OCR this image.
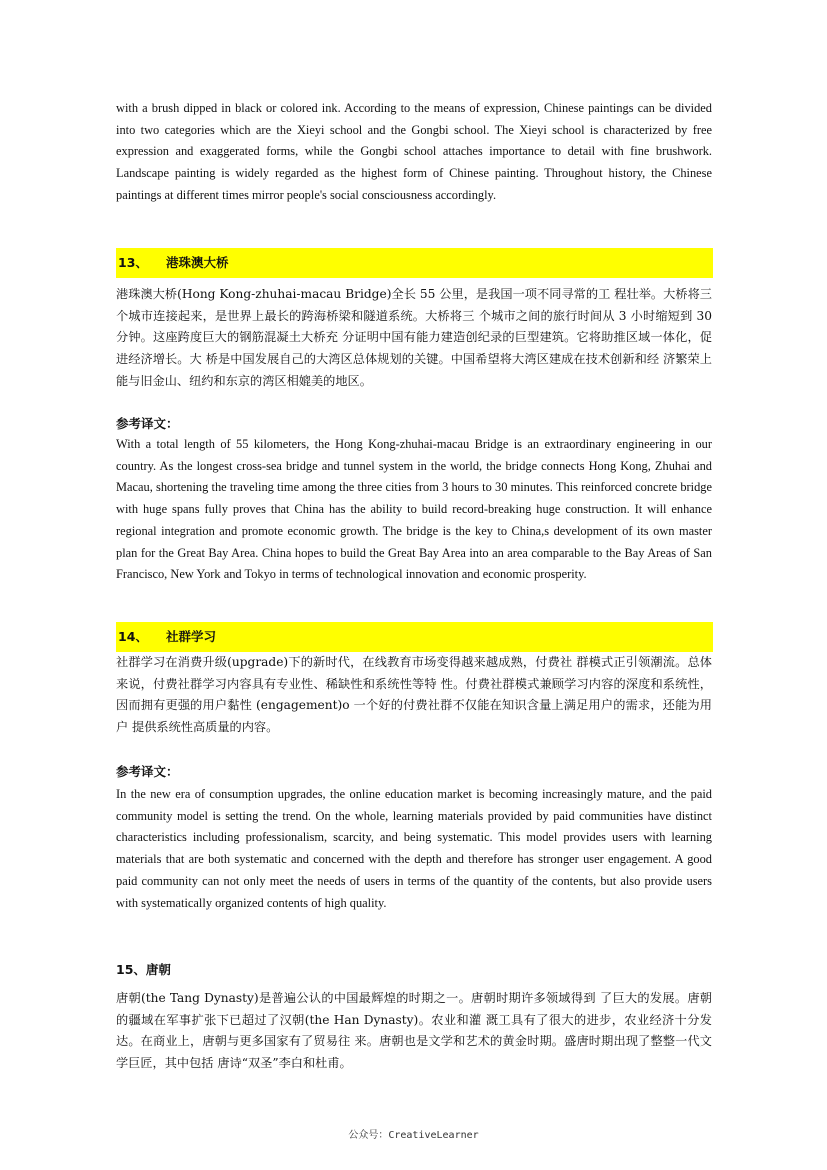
with a brush dipped in black or colored ink. According to the means of expression, Chinese paintings can be divided into two categories which are the Xieyi school and the Gongbi school. The Xieyi school is characterized by free expression and exaggerated forms, while the Gongbi school attaches importance to detail with fine brushwork. Landscape painting is widely regarded as the highest form of Chinese painting. Throughout history, the Chinese paintings at different times mirror people's social consciousness accordingly.

13、 港珠澳大桥

港珠澳大桥(Hong Kong-zhuhai-macau Bridge)全长 55 公里，是我国一项不同寻常的工 程壮举。大桥将三个城市连接起来，是世界上最长的跨海桥梁和隧道系统。大桥将三 个城市之间的旅行时间从 3 小时缩短到 30 分钟。这座跨度巨大的钢筋混凝土大桥充 分证明中国有能力建造创纪录的巨型建筑。它将助推区域一体化，促进经济增长。大 桥是中国发展自己的大湾区总体规划的关键。中国希望将大湾区建成在技术创新和经 济繁荣上能与旧金山、纽约和东京的湾区相媲美的地区。

参考译文：

With a total length of 55 kilometers, the Hong Kong-zhuhai-macau Bridge is an extraordinary engineering in our country. As the longest cross-sea bridge and tunnel system in the world, the bridge connects Hong Kong, Zhuhai and Macau, shortening the traveling time among the three cities from 3 hours to 30 minutes. This reinforced concrete bridge with huge spans fully proves that China has the ability to build record-breaking huge construction. It will enhance regional integration and promote economic growth. The bridge is the key to China,s development of its own master plan for the Great Bay Area. China hopes to build the Great Bay Area into an area comparable to the Bay Areas of San Francisco, New York and Tokyo in terms of technological innovation and economic prosperity.

14、 社群学习

社群学习在消费升级(upgrade)下的新时代，在线教育市场变得越来越成熟，付费社 群模式正引领潮流。总体来说，付费社群学习内容具有专业性、稀缺性和系统性等特 性。付费社群模式兼顾学习内容的深度和系统性，因而拥有更强的用户黏性 (engagement)o 一个好的付费社群不仅能在知识含量上满足用户的需求，还能为用户 提供系统性高质量的内容。

参考译文：

In the new era of consumption upgrades, the online education market is becoming increasingly mature, and the paid community model is setting the trend. On the whole, learning materials provided by paid communities have distinct characteristics including professionalism, scarcity, and being systematic. This model provides users with learning materials that are both systematic and concerned with the depth and therefore has stronger user engagement. A good paid community can not only meet the needs of users in terms of the quantity of the contents, but also provide users with systematically organized contents of high quality.

15、唐朝

唐朝(the Tang Dynasty)是普遍公认的中国最辉煌的时期之一。唐朝时期许多领域得到 了巨大的发展。唐朝的疆域在军事扩张下已超过了汉朝(the Han Dynasty)。农业和灌 溉工具有了很大的进步，农业经济十分发达。在商业上，唐朝与更多国家有了贸易往 来。唐朝也是文学和艺术的黄金时期。盛唐时期出现了整整一代文学巨匠，其中包括 唐诗“双圣”李白和杜甫。

公众号：CreativeLearner
